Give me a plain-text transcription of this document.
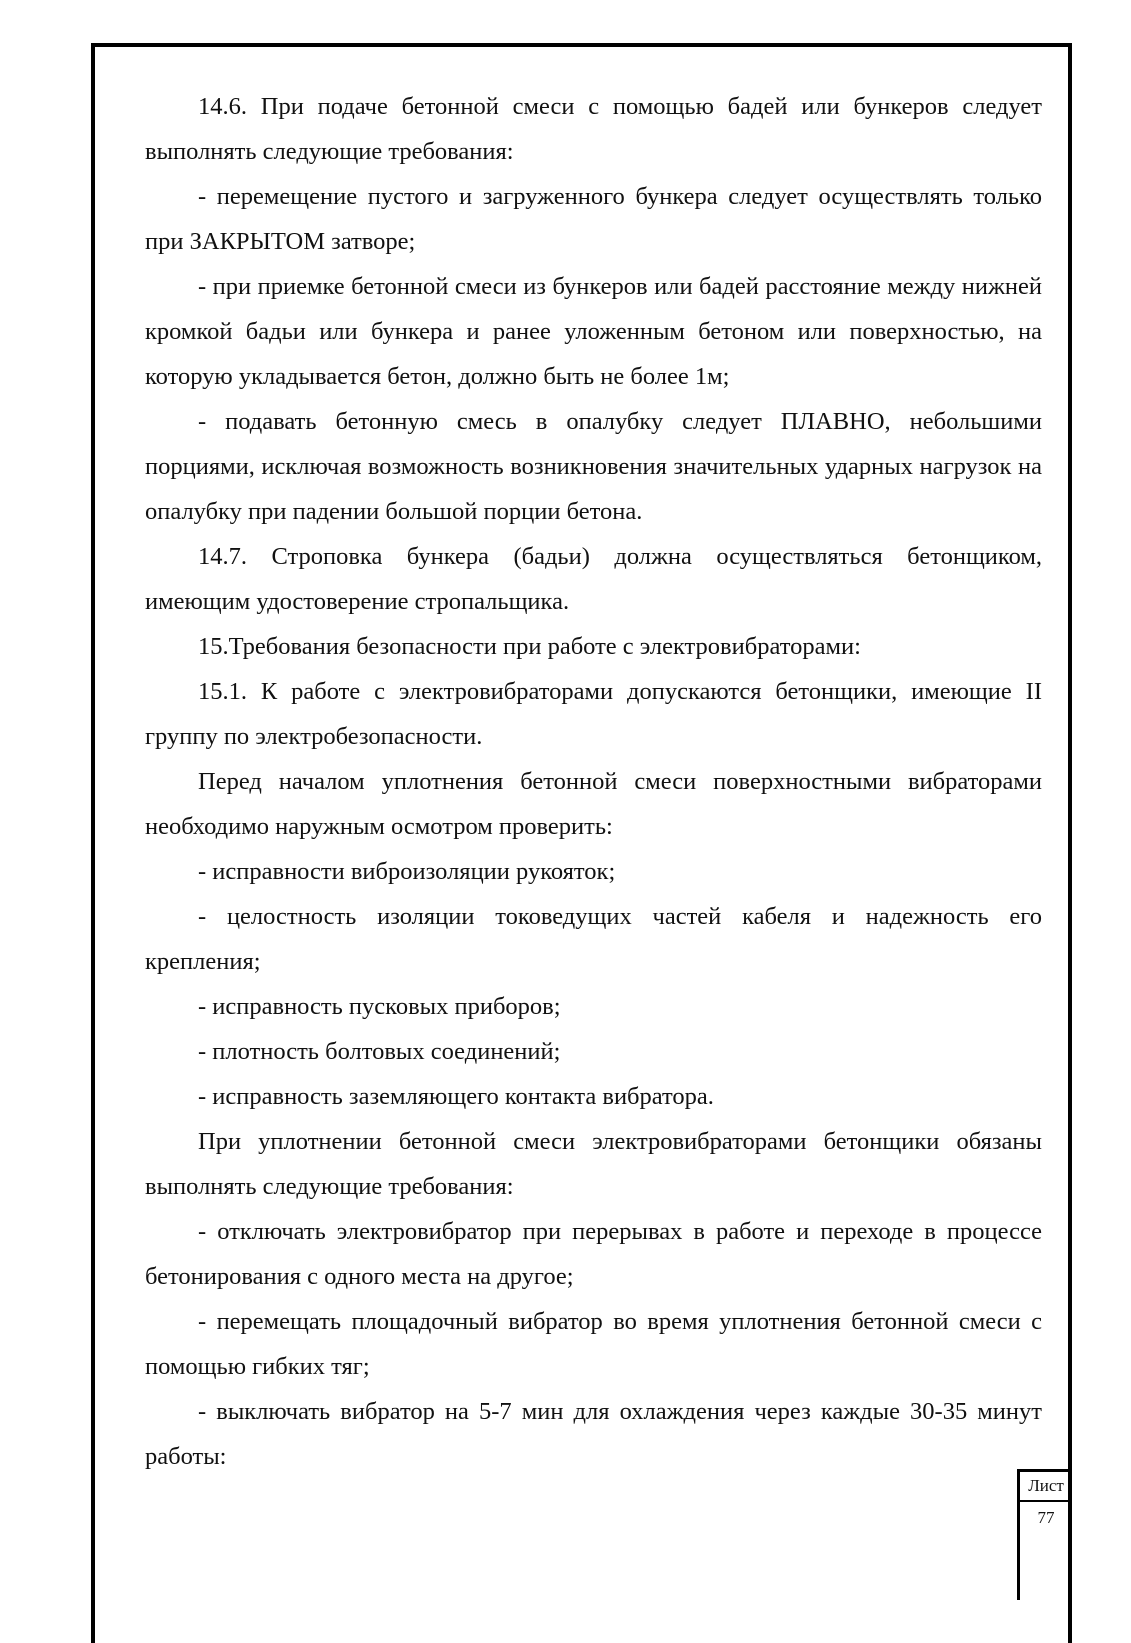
14.6. При подаче бетонной смеси с помощью бадей или бункеров следует выполнять следующие требования:

- перемещение пустого и загруженного бункера следует осуществлять только при ЗАКРЫТОМ затворе;

- при приемке бетонной смеси из бункеров или бадей расстояние между нижней кромкой бадьи или бункера и ранее уложенным бетоном или поверхностью, на которую укладывается бетон, должно быть не более 1м;

- подавать бетонную смесь в опалубку следует ПЛАВНО, небольшими порциями, исключая возможность возникновения значительных ударных нагрузок на опалубку при падении большой порции бетона.

14.7. Строповка бункера (бадьи) должна осуществляться бетонщиком, имеющим удостоверение стропальщика.

15.Требования безопасности при работе с электровибраторами:

15.1. К работе с электровибраторами допускаются бетонщики, имеющие II группу по электробезопасности.

Перед началом уплотнения бетонной смеси поверхностными вибраторами необходимо наружным осмотром проверить:

- исправности виброизоляции рукояток;

- целостность изоляции токоведущих частей кабеля и надежность его крепления;

- исправность пусковых приборов;

- плотность болтовых соединений;

- исправность заземляющего контакта вибратора.

При уплотнении бетонной смеси электровибраторами бетонщики обязаны выполнять следующие требования:

- отключать электровибратор при перерывах в работе и переходе в процессе бетонирования с одного места на другое;

- перемещать площадочный вибратор во время уплотнения бетонной смеси с помощью гибких тяг;

- выключать вибратор на 5-7 мин для охлаждения через каждые 30-35 минут работы:

Лист
77
